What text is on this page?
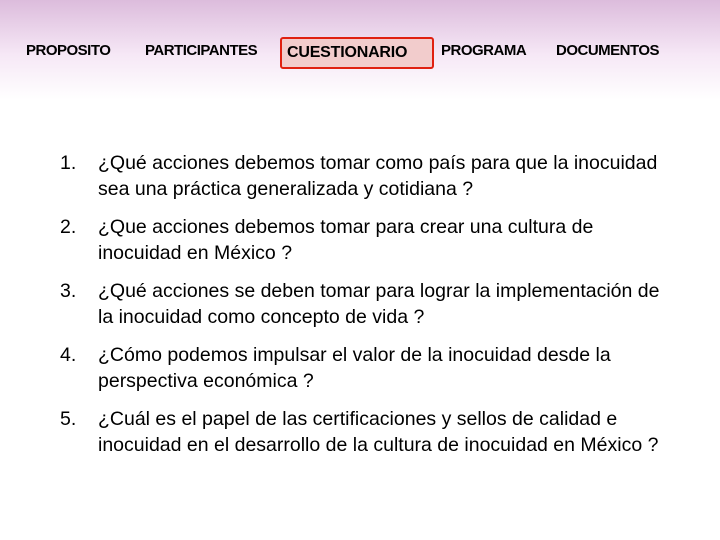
PROPOSITO PARTICIPANTES CUESTIONARIO	PROGRAMA DOCUMENTOS
1. ¿Qué acciones debemos tomar como país para que la inocuidad sea una práctica generalizada y cotidiana ?
2. ¿Que acciones debemos tomar para crear una cultura de inocuidad en México ?
3. ¿Qué acciones se deben tomar para lograr la implementación de la inocuidad como concepto de vida ?
4. ¿Cómo podemos impulsar el valor de la inocuidad desde la perspectiva económica ?
5. ¿Cuál es el papel de las certificaciones y sellos de calidad e inocuidad en el desarrollo de la cultura de inocuidad en México ?
